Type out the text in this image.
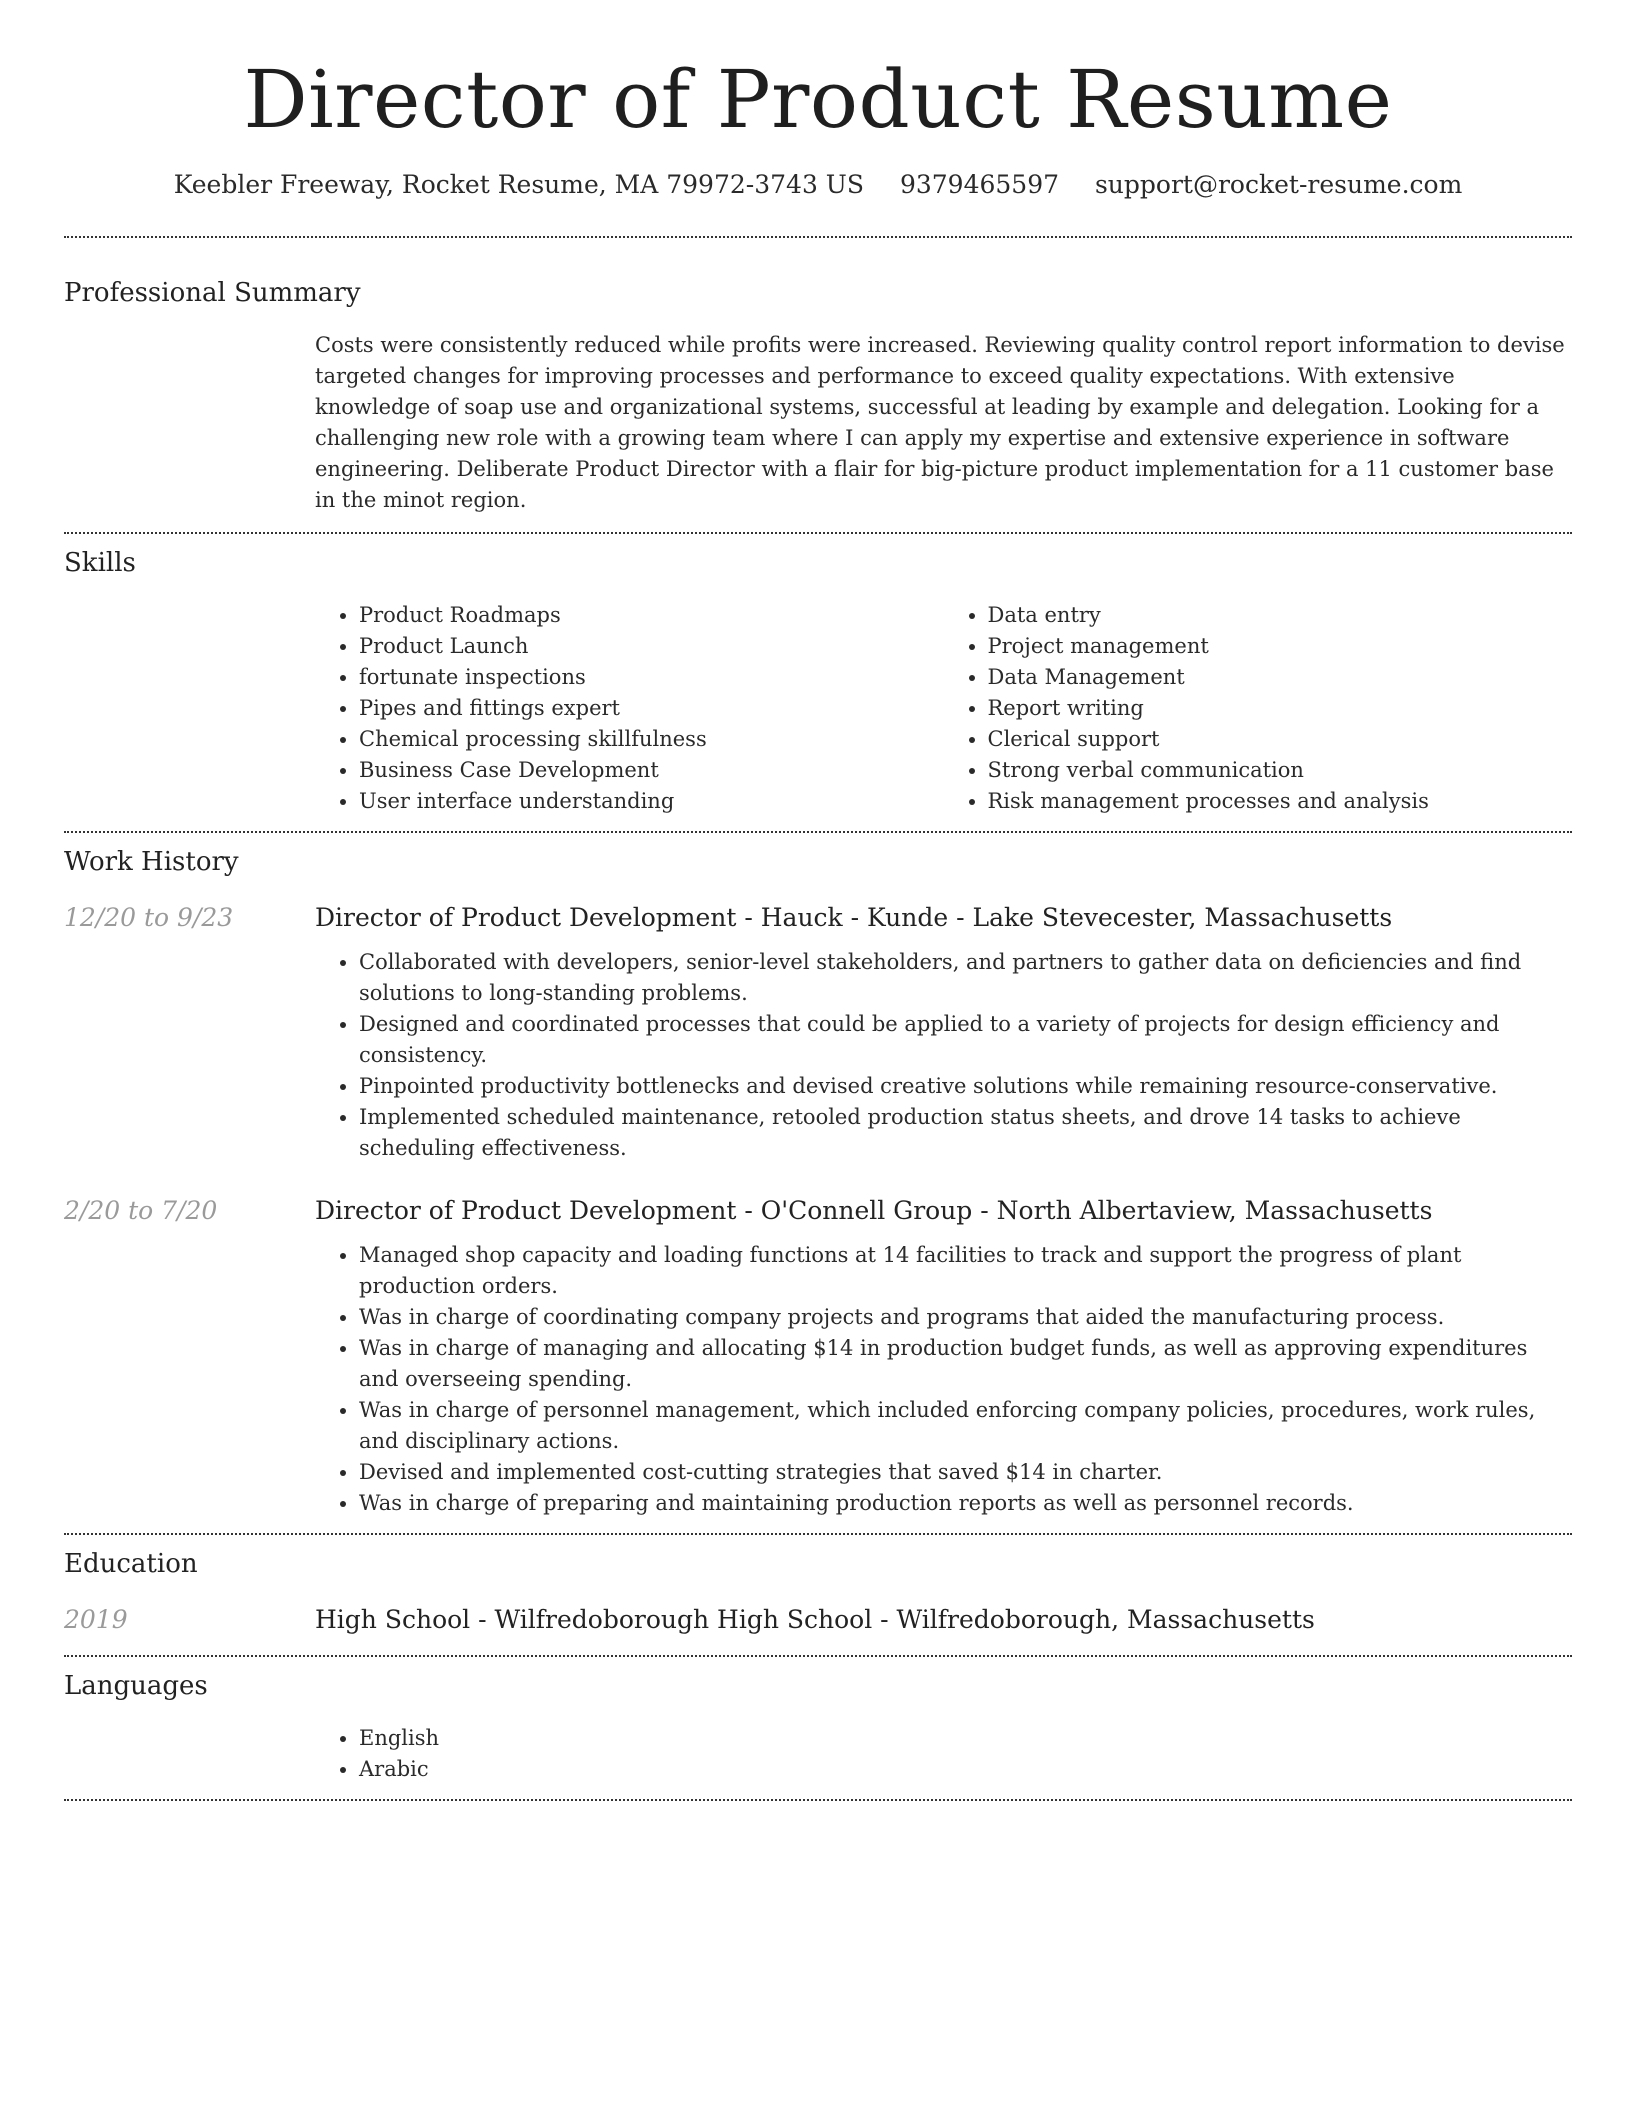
Director of Product Resume
Keebler Freeway, Rocket Resume, MA 79972-3743 US 9379465597 support@rocket-resume.com
Professional Summary
Costs were consistently reduced while profits were increased. Reviewing quality control report information to devise targeted changes for improving processes and performance to exceed quality expectations. With extensive knowledge of soap use and organizational systems, successful at leading by example and delegation. Looking for a challenging new role with a growing team where I can apply my expertise and extensive experience in software engineering. Deliberate Product Director with a flair for big-picture product implementation for a 11 customer base in the minot region.
Skills
• Product Roadmaps
• Product Launch
• fortunate inspections
• Pipes and fittings expert
• Chemical processing skillfulness
• Business Case Development
• User interface understanding
• Data entry
• Project management
• Data Management
• Report writing
• Clerical support
• Strong verbal communication
• Risk management processes and analysis
Work History
12/20 to 9/23	Director of Product Development - Hauck - Kunde - Lake Stevecester, Massachusetts
• Collaborated with developers, senior-level stakeholders, and partners to gather data on deficiencies and find solutions to long-standing problems.
• Designed and coordinated processes that could be applied to a variety of projects for design efficiency and consistency.
• Pinpointed productivity bottlenecks and devised creative solutions while remaining resource-conservative.
• Implemented scheduled maintenance, retooled production status sheets, and drove 14 tasks to achieve scheduling effectiveness.
2/20 to 7/20	Director of Product Development - O'Connell Group - North Albertaview, Massachusetts
• Managed shop capacity and loading functions at 14 facilities to track and support the progress of plant production orders.
• Was in charge of coordinating company projects and programs that aided the manufacturing process.
• Was in charge of managing and allocating $14 in production budget funds, as well as approving expenditures and overseeing spending.
• Was in charge of personnel management, which included enforcing company policies, procedures, work rules, and disciplinary actions.
• Devised and implemented cost-cutting strategies that saved $14 in charter.
• Was in charge of preparing and maintaining production reports as well as personnel records.
Education
2019	High School - Wilfredoborough High School - Wilfredoborough, Massachusetts
Languages
• English
• Arabic
